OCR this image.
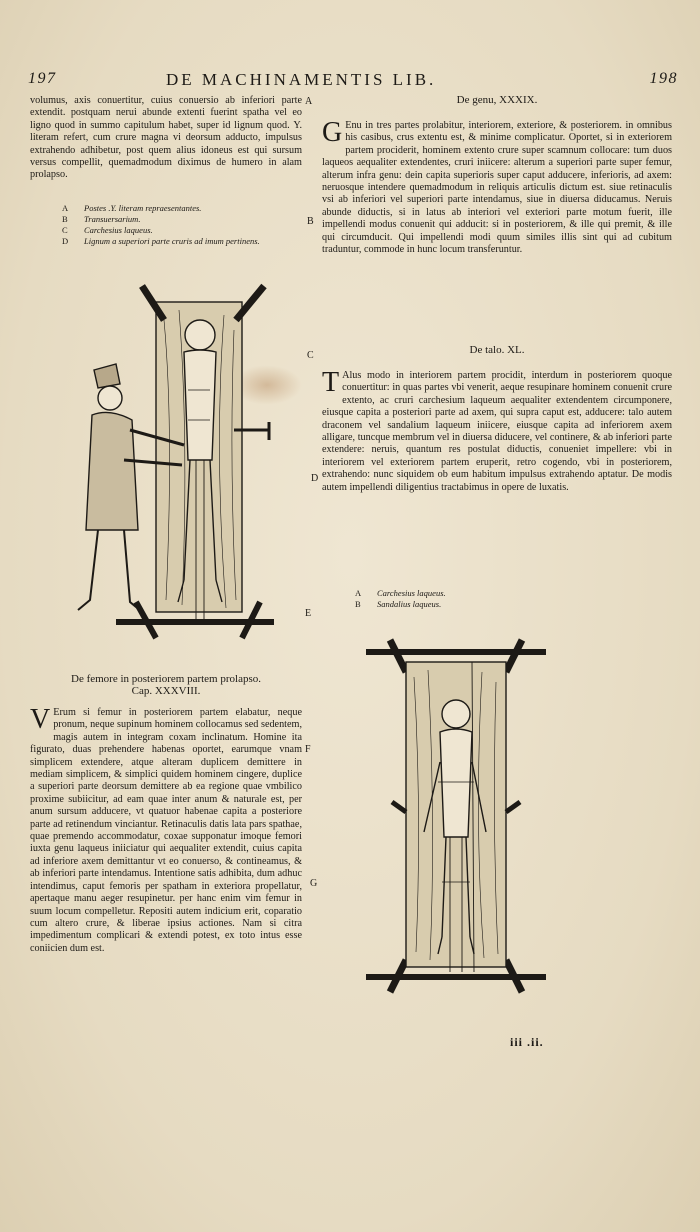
197	DE MACHINAMENTIS LIB.	198

volumus, axis conuertitur, cuius conuersio ab inferiori parte extendit. postquam nerui abunde extenti fuerint spatha vel eo ligno quod in summo capitulum habet, super id lignum quod. Υ. literam refert, cum crure magna vi deorsum adducto, impulsus extrahendo adhibetur, post quem alius idoneus est qui sursum versus compellit, quemadmodum diximus de humero in alam prolapso.

A Postes .Υ. literam repraesentantes.
B Transuersarium.
C Carchesius laqueus.
D Lignum a superiori parte cruris ad imum pertinens.
A
B
C
D
E
F
G
De femore in posteriorem partem prolapso.
Cap. XXXVIII.
V Erum si femur in posteriorem partem elabatur, neque pronum, neque supinum hominem collocamus sed sedentem, magis autem in integram coxam inclinatum. Homine ita figurato, duas prehendere habenas oportet, earumque vnam simplicem extendere, atque alteram duplicem demittere in mediam simplicem, & simplici quidem hominem cingere, duplice a superiori parte deorsum demittere ab ea regione quae vmbilico proxime subiicitur, ad eam quae inter anum & naturale est, per anum sursum adducere, vt quatuor habenae capita a posteriore parte ad retinendum vinciantur. Retinaculis datis lata pars spathae, quae premendo accommodatur, coxae supponatur imoque femori iuxta genu laqueus iniiciatur qui aequaliter extendit, cuius capita ad inferiore axem demittantur vt eo conuerso, & contineamus, & ab inferiori parte intendamus. Intentione satis adhibita, dum adhuc intendimus, caput femoris per spatham in exteriora propellatur, apertaque manu aeger resupinetur. per hanc enim vim femur in suum locum compelletur. Repositi autem indicium erit, coparatio cum altero crure, & liberae ipsius actiones. Nam si citra impedimentum complicari & extendi potest, ex toto intus esse coniicien dum est.

De genu, XXXIX.
G Enu in tres partes prolabitur, interiorem, exteriore, & posteriorem. in omnibus his casibus, crus extentu est, & minime complicatur. Oportet, si in exteriorem partem prociderit, hominem extento crure super scamnum collocare: tum duos laqueos aequaliter extendentes, cruri iniicere: alterum a superiori parte super femur, alterum infra genu: dein capita superioris super caput adducere, inferioris, ad axem: neruosque intendere quemadmodum in reliquis articulis dictum est. siue retinaculis vsi ab inferiori vel superiori parte intendamus, siue in diuersa diducamus. Neruis abunde diductis, si in latus ab interiori vel exteriori parte motum fuerit, ille impellendi modus conuenit qui adducit: si in posteriorem, & ille qui premit, & ille qui circumducit. Qui impellendi modi quum similes illis sint qui ad cubitum traduntur, commode in hunc locum transferuntur.

De talo. XL.
T Alus modo in interiorem partem procidit, interdum in posteriorem quoque conuertitur: in quas partes vbi venerit, aeque resupinare hominem conuenit crure extento, ac cruri carchesium laqueum aequaliter extendentem circumponere, eiusque capita a posteriori parte ad axem, qui supra caput est, adducere: talo autem draconem vel sandalium laqueum iniicere, eiusque capita ad inferiorem axem alligare, tuncque membrum vel in diuersa diducere, vel continere, & ab inferiori parte extendere: neruis, quantum res postulat diductis, conueniet impellere: vbi in interiorem vel exteriorem partem eruperit, retro cogendo, vbi in posteriorem, extrahendo: nunc siquidem ob eum habitum impulsus extrahendo aptatur. De modis autem impellendi diligentius tractabimus in opere de luxatis.

A Carchesius laqueus.
B Sandalius laqueus.
iii .ii.
